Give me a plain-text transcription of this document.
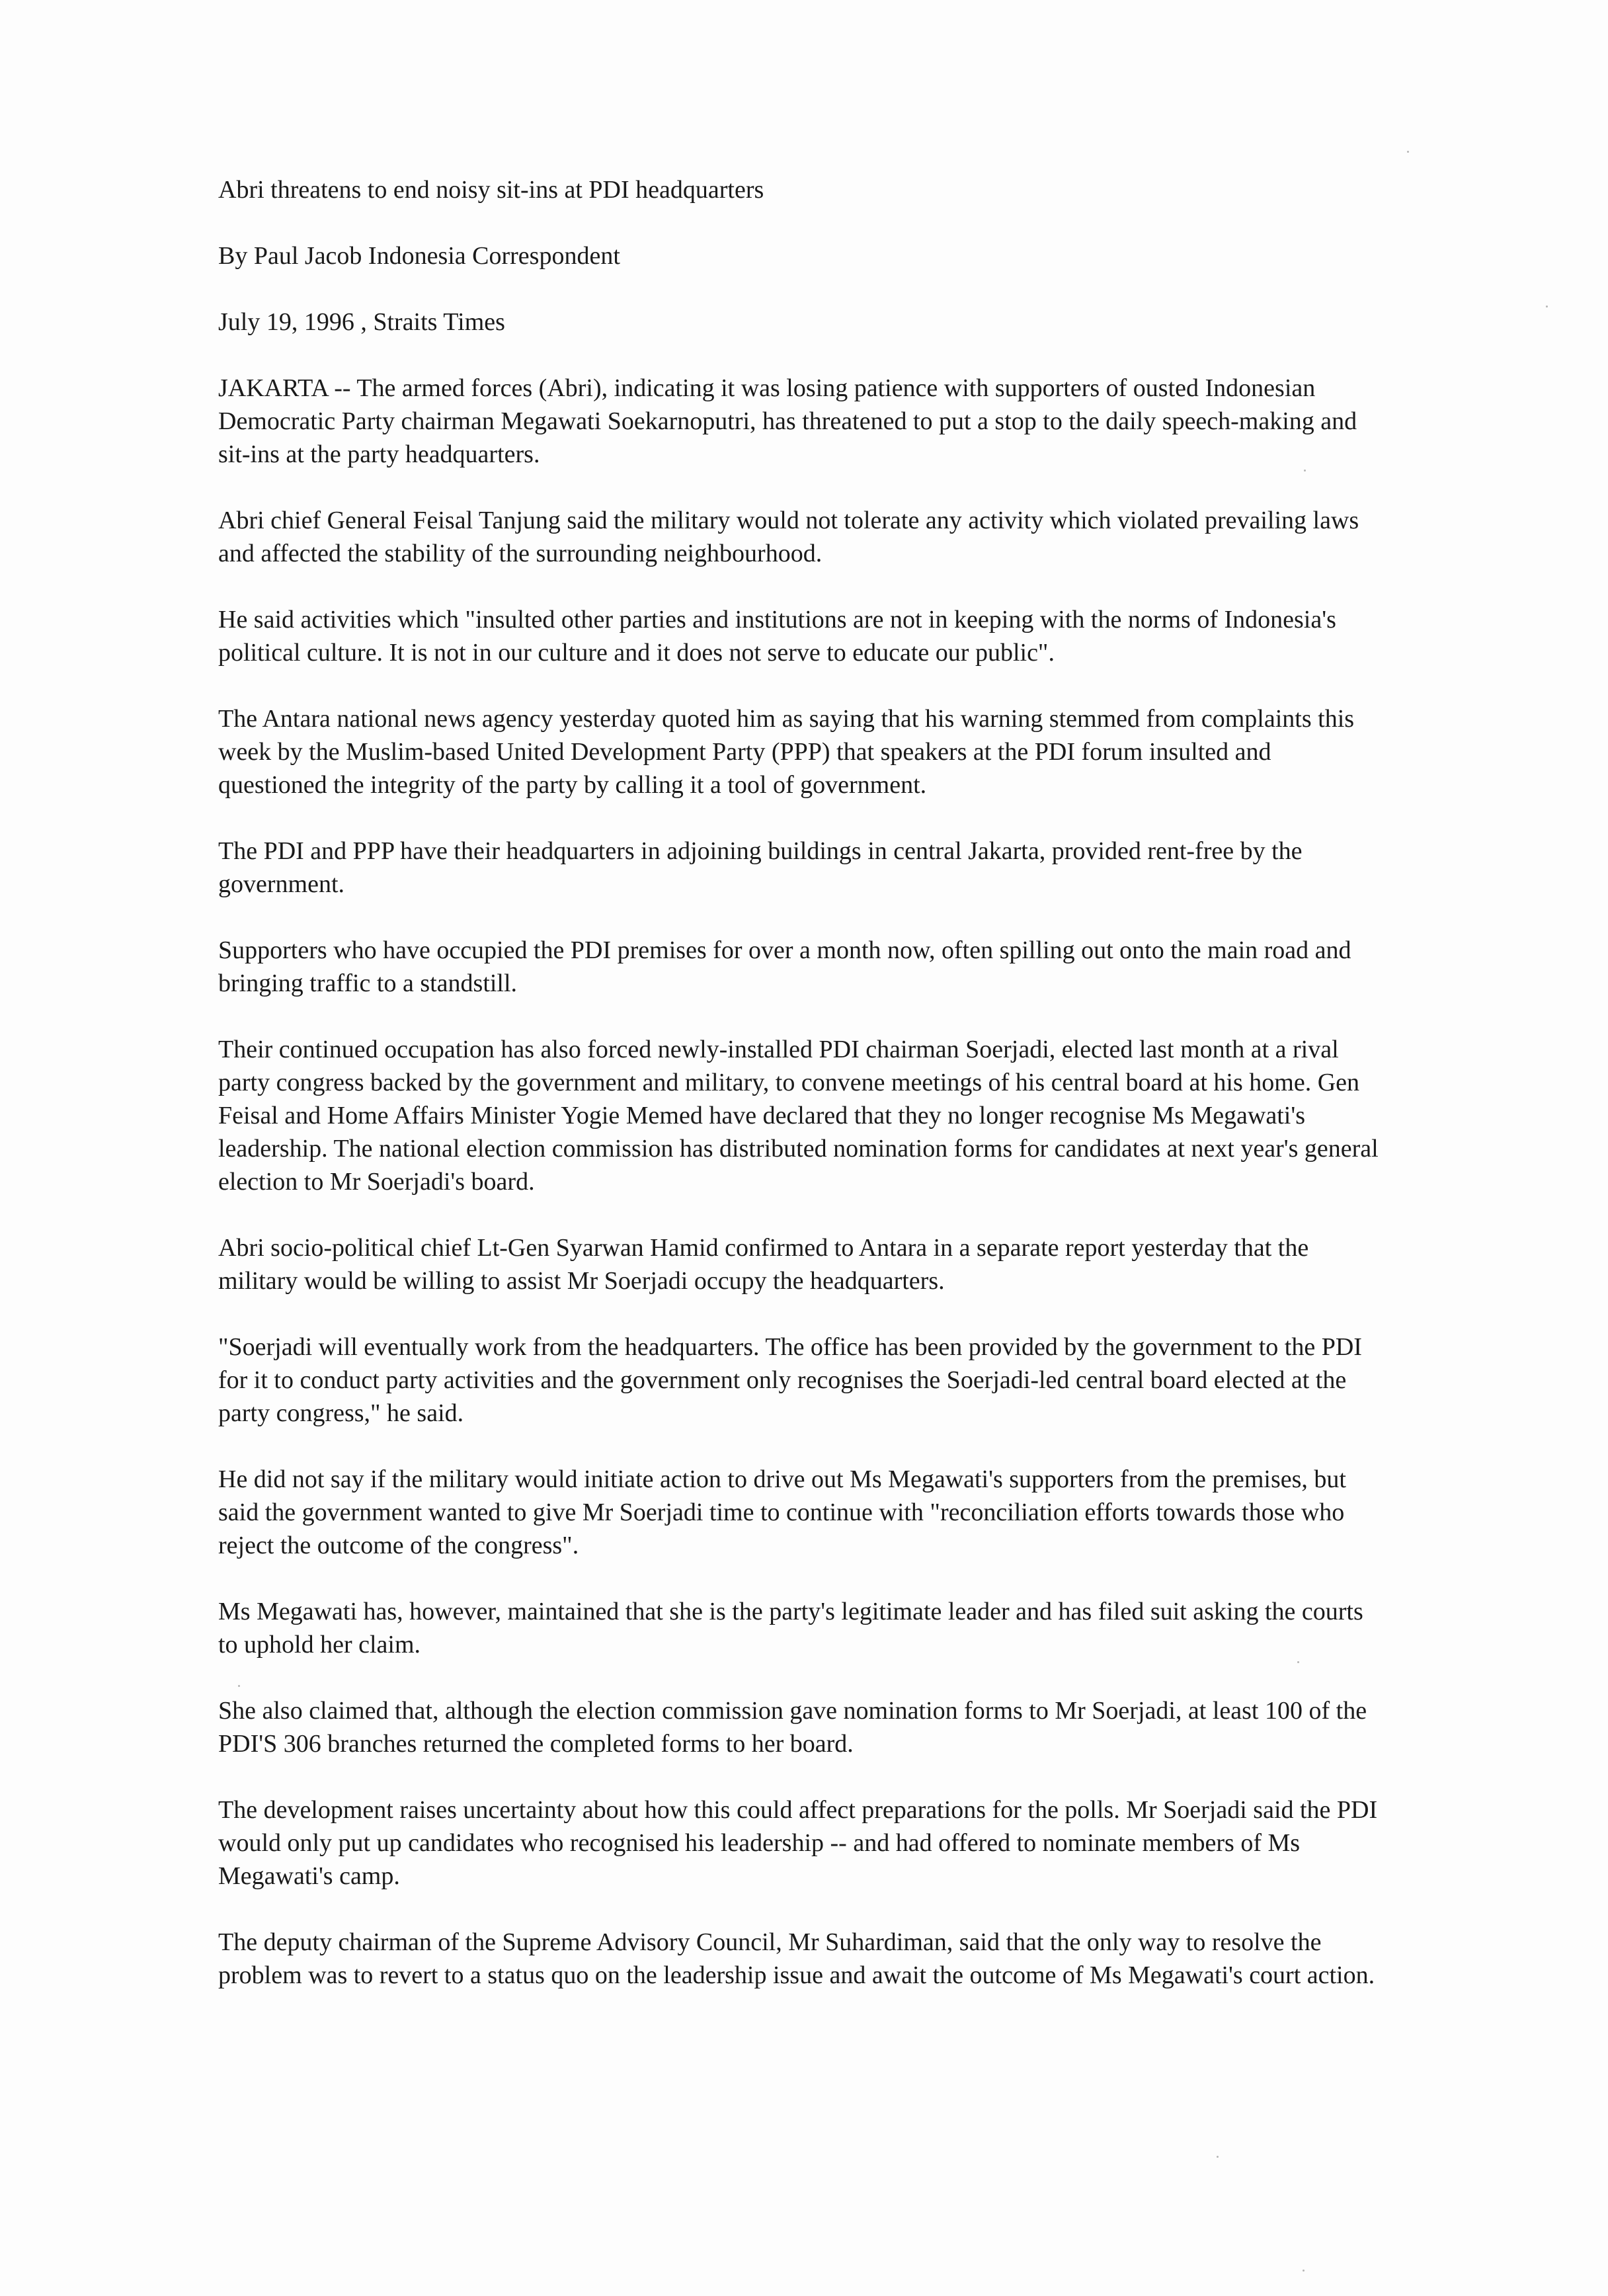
Abri threatens to end noisy sit-ins at PDI headquarters

By Paul Jacob Indonesia Correspondent

July 19, 1996 , Straits Times

JAKARTA -- The armed forces (Abri), indicating it was losing patience with supporters of ousted Indonesian Democratic Party chairman Megawati Soekarnoputri, has threatened to put a stop to the daily speech-making and sit-ins at the party headquarters.

Abri chief General Feisal Tanjung said the military would not tolerate any activity which violated prevailing laws and affected the stability of the surrounding neighbourhood.

He said activities which "insulted other parties and institutions are not in keeping with the norms of Indonesia's political culture. It is not in our culture and it does not serve to educate our public".

The Antara national news agency yesterday quoted him as saying that his warning stemmed from complaints this week by the Muslim-based United Development Party (PPP) that speakers at the PDI forum insulted and questioned the integrity of the party by calling it a tool of government.

The PDI and PPP have their headquarters in adjoining buildings in central Jakarta, provided rent-free by the government.

Supporters who have occupied the PDI premises for over a month now, often spilling out onto the main road and bringing traffic to a standstill.

Their continued occupation has also forced newly-installed PDI chairman Soerjadi, elected last month at a rival party congress backed by the government and military, to convene meetings of his central board at his home. Gen Feisal and Home Affairs Minister Yogie Memed have declared that they no longer recognise Ms Megawati's leadership. The national election commission has distributed nomination forms for candidates at next year's general election to Mr Soerjadi's board.

Abri socio-political chief Lt-Gen Syarwan Hamid confirmed to Antara in a separate report yesterday that the military would be willing to assist Mr Soerjadi occupy the headquarters.

"Soerjadi will eventually work from the headquarters. The office has been provided by the government to the PDI for it to conduct party activities and the government only recognises the Soerjadi-led central board elected at the party congress," he said.

He did not say if the military would initiate action to drive out Ms Megawati's supporters from the premises, but said the government wanted to give Mr Soerjadi time to continue with "reconciliation efforts towards those who reject the outcome of the congress".

Ms Megawati has, however, maintained that she is the party's legitimate leader and has filed suit asking the courts to uphold her claim.

She also claimed that, although the election commission gave nomination forms to Mr Soerjadi, at least 100 of the PDI'S 306 branches returned the completed forms to her board.

The development raises uncertainty about how this could affect preparations for the polls. Mr Soerjadi said the PDI would only put up candidates who recognised his leadership -- and had offered to nominate members of Ms Megawati's camp.

The deputy chairman of the Supreme Advisory Council, Mr Suhardiman, said that the only way to resolve the problem was to revert to a status quo on the leadership issue and await the outcome of Ms Megawati's court action.
